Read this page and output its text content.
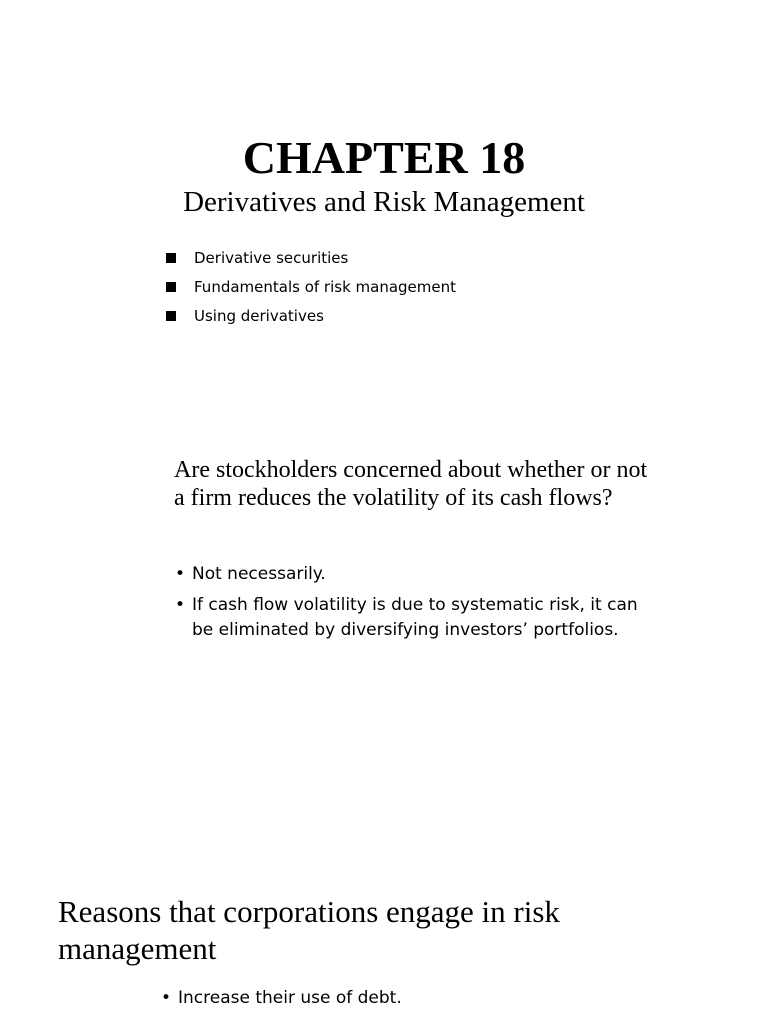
CHAPTER 18
Derivatives and Risk Management
Derivative securities
Fundamentals of risk management
Using derivatives
Are stockholders concerned about whether or not a firm reduces the volatility of its cash flows?
• Not necessarily.
• If cash flow volatility is due to systematic risk, it can be eliminated by diversifying investors’ portfolios.
Reasons that corporations engage in risk management
• Increase their use of debt.
